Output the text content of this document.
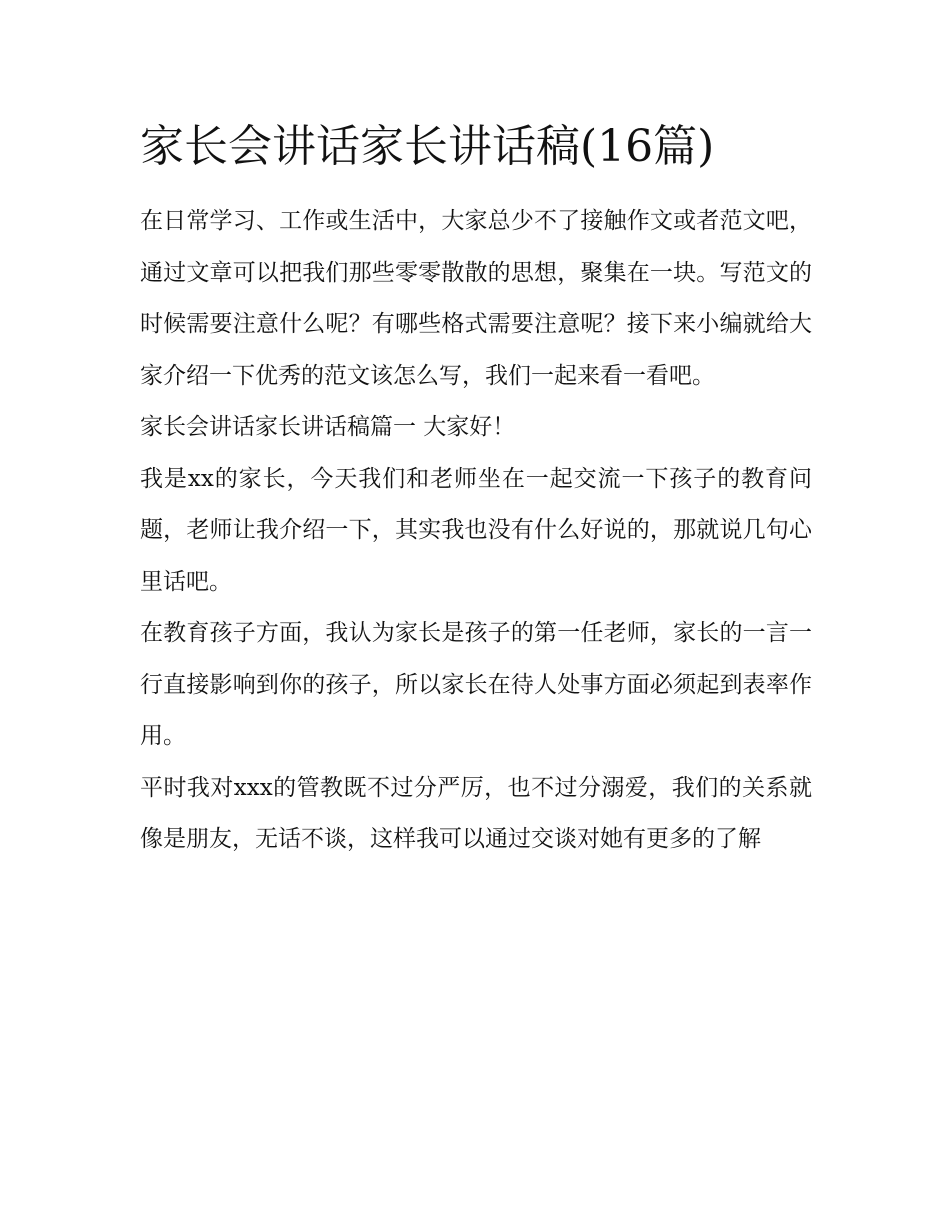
家长会讲话家长讲话稿(16篇)

在日常学习、工作或生活中，大家总少不了接触作文或者范文吧，通过文章可以把我们那些零零散散的思想，聚集在一块。写范文的时候需要注意什么呢？有哪些格式需要注意呢？接下来小编就给大家介绍一下优秀的范文该怎么写，我们一起来看一看吧。

家长会讲话家长讲话稿篇一 大家好！

我是xx的家长，今天我们和老师坐在一起交流一下孩子的教育问题，老师让我介绍一下，其实我也没有什么好说的，那就说几句心里话吧。

在教育孩子方面，我认为家长是孩子的第一任老师，家长的一言一行直接影响到你的孩子，所以家长在待人处事方面必须起到表率作用。

平时我对xxx的管教既不过分严厉，也不过分溺爱，我们的关系就像是朋友，无话不谈，这样我可以通过交谈对她有更多的了解
